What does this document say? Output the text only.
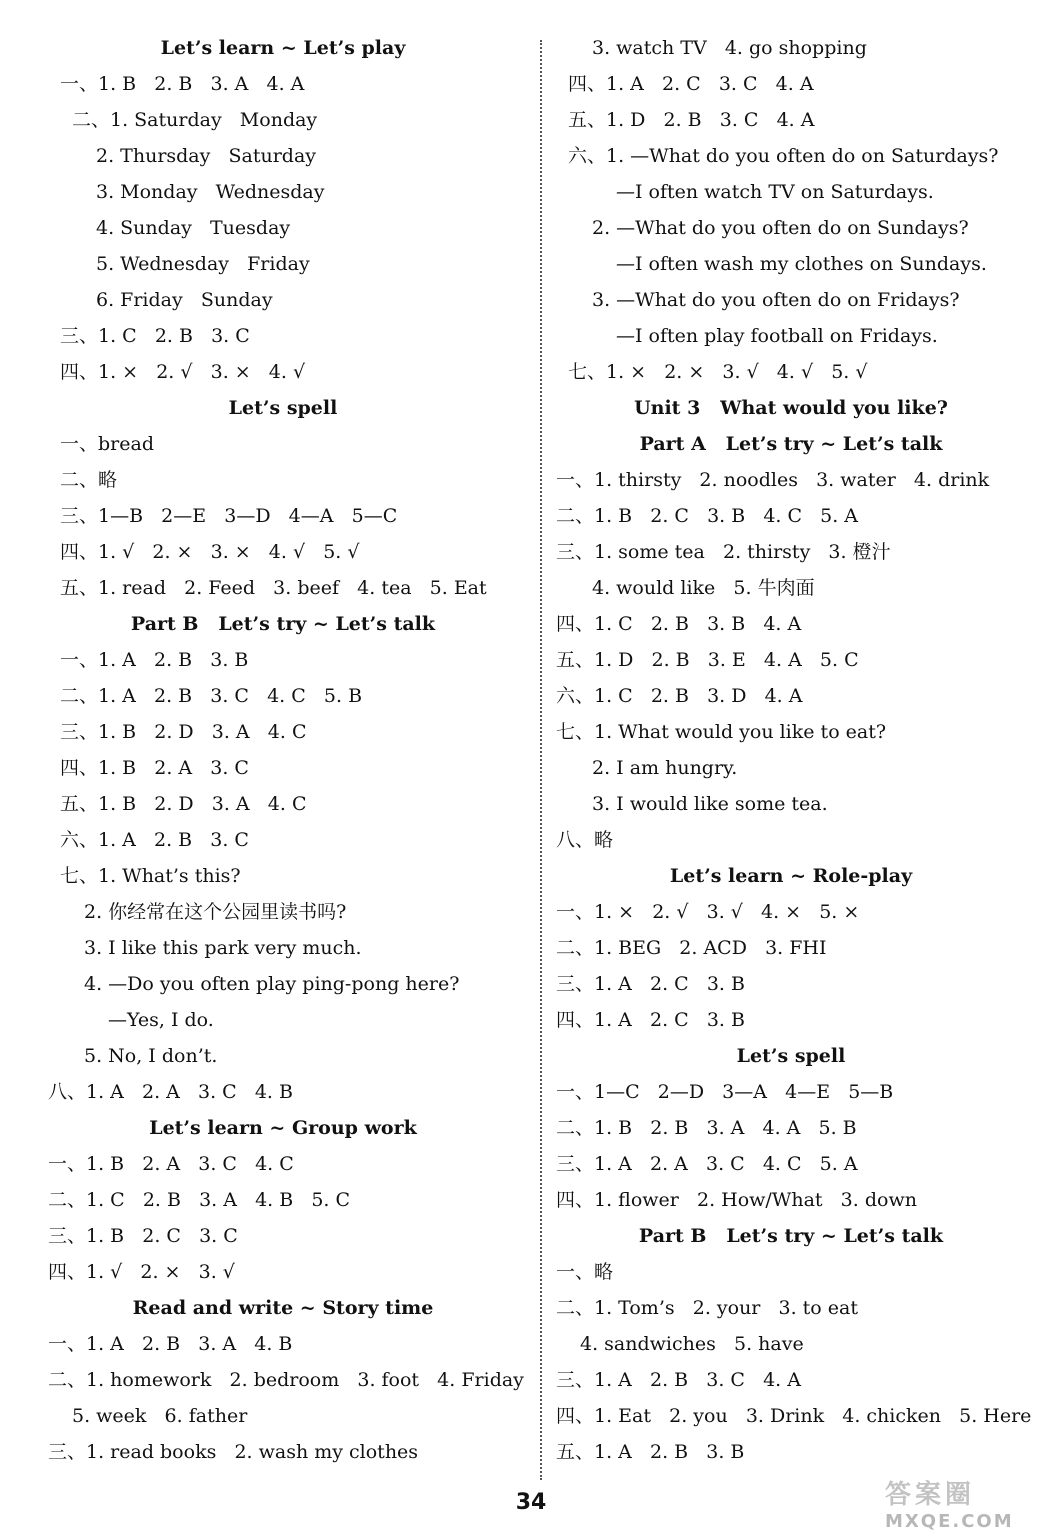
Let’s learn ~ Let’s play
一、1. B   2. B   3. A   4. A
二、1. Saturday   Monday
2. Thursday   Saturday
3. Monday   Wednesday
4. Sunday   Tuesday
5. Wednesday   Friday
6. Friday   Sunday
三、1. C   2. B   3. C
四、1. ×   2. √   3. ×   4. √
Let’s spell
一、bread
二、略
三、1—B   2—E   3—D   4—A   5—C
四、1. √   2. ×   3. ×   4. √   5. √
五、1. read   2. Feed   3. beef   4. tea   5. Eat
Part B   Let’s try ~ Let’s talk
一、1. A   2. B   3. B
二、1. A   2. B   3. C   4. C   5. B
三、1. B   2. D   3. A   4. C
四、1. B   2. A   3. C
五、1. B   2. D   3. A   4. C
六、1. A   2. B   3. C
七、1. What’s this?
2. 你经常在这个公园里读书吗?
3. I like this park very much.
4. —Do you often play ping-pong here?
—Yes, I do.
5. No, I don’t.
八、1. A   2. A   3. C   4. B
Let’s learn ~ Group work
一、1. B   2. A   3. C   4. C
二、1. C   2. B   3. A   4. B   5. C
三、1. B   2. C   3. C
四、1. √   2. ×   3. √
Read and write ~ Story time
一、1. A   2. B   3. A   4. B
二、1. homework   2. bedroom   3. foot   4. Friday
5. week   6. father
三、1. read books   2. wash my clothes
3. watch TV   4. go shopping
四、1. A   2. C   3. C   4. A
五、1. D   2. B   3. C   4. A
六、1. —What do you often do on Saturdays?
—I often watch TV on Saturdays.
2. —What do you often do on Sundays?
—I often wash my clothes on Sundays.
3. —What do you often do on Fridays?
—I often play football on Fridays.
七、1. ×   2. ×   3. √   4. √   5. √
Unit 3   What would you like?
Part A   Let’s try ~ Let’s talk
一、1. thirsty   2. noodles   3. water   4. drink
二、1. B   2. C   3. B   4. C   5. A
三、1. some tea   2. thirsty   3. 橙汁
4. would like   5. 牛肉面
四、1. C   2. B   3. B   4. A
五、1. D   2. B   3. E   4. A   5. C
六、1. C   2. B   3. D   4. A
七、1. What would you like to eat?
2. I am hungry.
3. I would like some tea.
八、略
Let’s learn ~ Role-play
一、1. ×   2. √   3. √   4. ×   5. ×
二、1. BEG   2. ACD   3. FHI
三、1. A   2. C   3. B
四、1. A   2. C   3. B
Let’s spell
一、1—C   2—D   3—A   4—E   5—B
二、1. B   2. B   3. A   4. A   5. B
三、1. A   2. A   3. C   4. C   5. A
四、1. flower   2. How/What   3. down
Part B   Let’s try ~ Let’s talk
一、略
二、1. Tom’s   2. your   3. to eat
4. sandwiches   5. have
三、1. A   2. B   3. C   4. A
四、1. Eat   2. you   3. Drink   4. chicken   5. Here
五、1. A   2. B   3. B
34	答案圈
MXQE.COM
